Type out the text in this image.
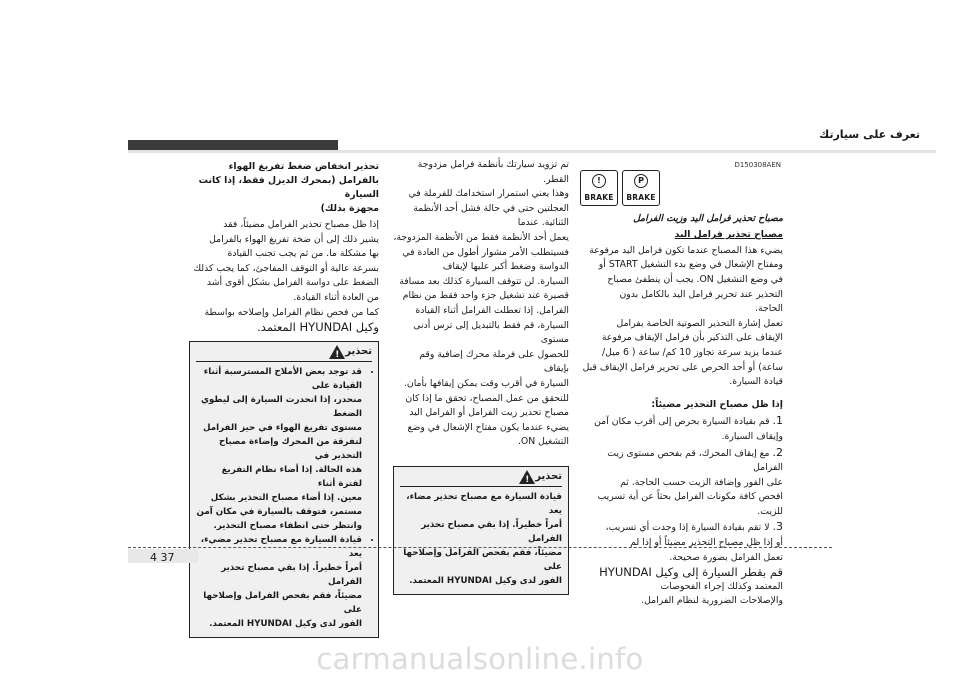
تعرف على سيارتك
D150308AEN
مصباح تحذير فرامل اليد وزيت الفرامل
مصباح تحذير فرامل اليد

يضيء هذا المصباح عندما تكون فرامل اليد مرفوعة

ومفتاح الإشعال في وضع بدء التشغيل START أو

في وضع التشغيل ON. يجب أن ينطفئ مصباح

التحذير عند تحرير فرامل اليد بالكامل بدون

الحاجة.

تعمل إشارة التحذير الصوتية الخاصة بفرامل

الإيقاف على التذكير بأن فرامل الإيقاف مرفوعة

عندما يزيد سرعة تجاوز 10 كم/ ساعة ( 6 ميل/

ساعة) أو أحد الحرص على تحرير فرامل الإيقاف قبل

قيادة السيارة.

إذا ظل مصباح التحذير مضيئاً:

1. قم بقيادة السيارة بحرص إلى أقرب مكان آمن

وإيقاف السيارة.

2. مع إيقاف المحرك، قم بفحص مستوى زيت الفرامل

على الفور وإضافة الزيت حسب الحاجة. ثم

افحص كافة مكونات الفرامل بحثاً عن أية تسريب

للزيت.

3. لا تقم بقيادة السيارة إذا وجدت أي تسريب،

أو إذا ظل مصباح التحذير مضيئاً أو إذا لم

تعمل الفرامل بصورة صحيحة.

قم بقطر السيارة إلى وكيل HYUNDAI

المعتمد وكذلك إجراء الفحوصات

والإصلاحات الضرورية لنظام الفرامل.

!
BRAKE
P
BRAKE

تم تزويد سيارتك بأنظمة فرامل مزدوجة القطر.

وهذا يعني استمرار استخدامك للفرملة في

العجلتين حتى في حالة فشل أحد الأنظمة الثنائية. عندما

يعمل أحد الأنظمة فقط من الأنظمة المزدوجة،

فسيتطلب الأمر مشوار أطول من العادة في

الدواسة وضغط أكبر عليها لإيقاف

السيارة. لن تتوقف السيارة كذلك بعد مسافة

قصيرة عند تشغيل جزء واحد فقط من نظام

الفرامل. إذا تعطلت الفرامل أثناء القيادة

السيارة، قم فقط بالتبديل إلى ترس أدنى مستوى

للحصول على فرملة محرك إضافية وقم بإيقاف

السيارة في أقرب وقت يمكن إيقافها بأمان.

للتحقق من عمل المصباح، تحقق ما إذا كان

مصباح تحذير زيت الفرامل أو الفرامل اليد

يضيء عندما يكون مفتاح الإشعال في وضع

التشغيل ON.

تحذير
!

قيادة السيارة مع مصباح تحذير مضاء، يعد

أمراً خطيراً. إذا بقي مصباح تحذير الفرامل

مضيئاً، فقم بفحص الفرامل وإصلاحها على

الفور لدى وكيل HYUNDAI المعتمد.

تحذير انخفاض ضغط تفريغ الهواء

بالفرامل (بمحرك الديزل فقط، إذا كانت السيارة

مجهزة بذلك)

إذا ظل مصباح تحذير الفرامل مضيئاً، فقد

يشير ذلك إلى أن ضخة تفريغ الهواء بالفرامل

بها مشكلة ما. من ثم يجب تجنب القيادة

بسرعة عالية أو التوقف المفاجئ، كما يجب كذلك

الضغط على دواسة الفرامل بشكل أقوى أشد

من العادة أثناء القيادة.

كما من فحص نظام الفرامل وإصلاحه بواسطة

وكيل HYUNDAI المعتمد.

تحذير
!

• قد توجد بعض الأملاح المسترسبة أثناء القيادة على

منحدر، إذا انحدرت السيارة إلى ليطوي الضغط

مستوى تفريغ الهواء في حيز الفرامل

لتفرقة من المحرك وإضاءة مصباح التحذير في

هذه الحالة. إذا أضاء نظام التفريغ لفترة أثناء

معين. إذا أضاء مصباح التحذير بشكل

مستمر، فتوقف بالسيارة في مكان آمن

وانتظر حتى انطفاء مصباح التحذير.

• قيادة السيارة مع مصباح تحذير مضيء، يعد

أمراً خطيراً. إذا بقي مصباح تحذير الفرامل

مضيئاً، فقم بفحص الفرامل وإصلاحها على

الفور لدى وكيل HYUNDAI المعتمد.

4 37
carmanualsonline.info
